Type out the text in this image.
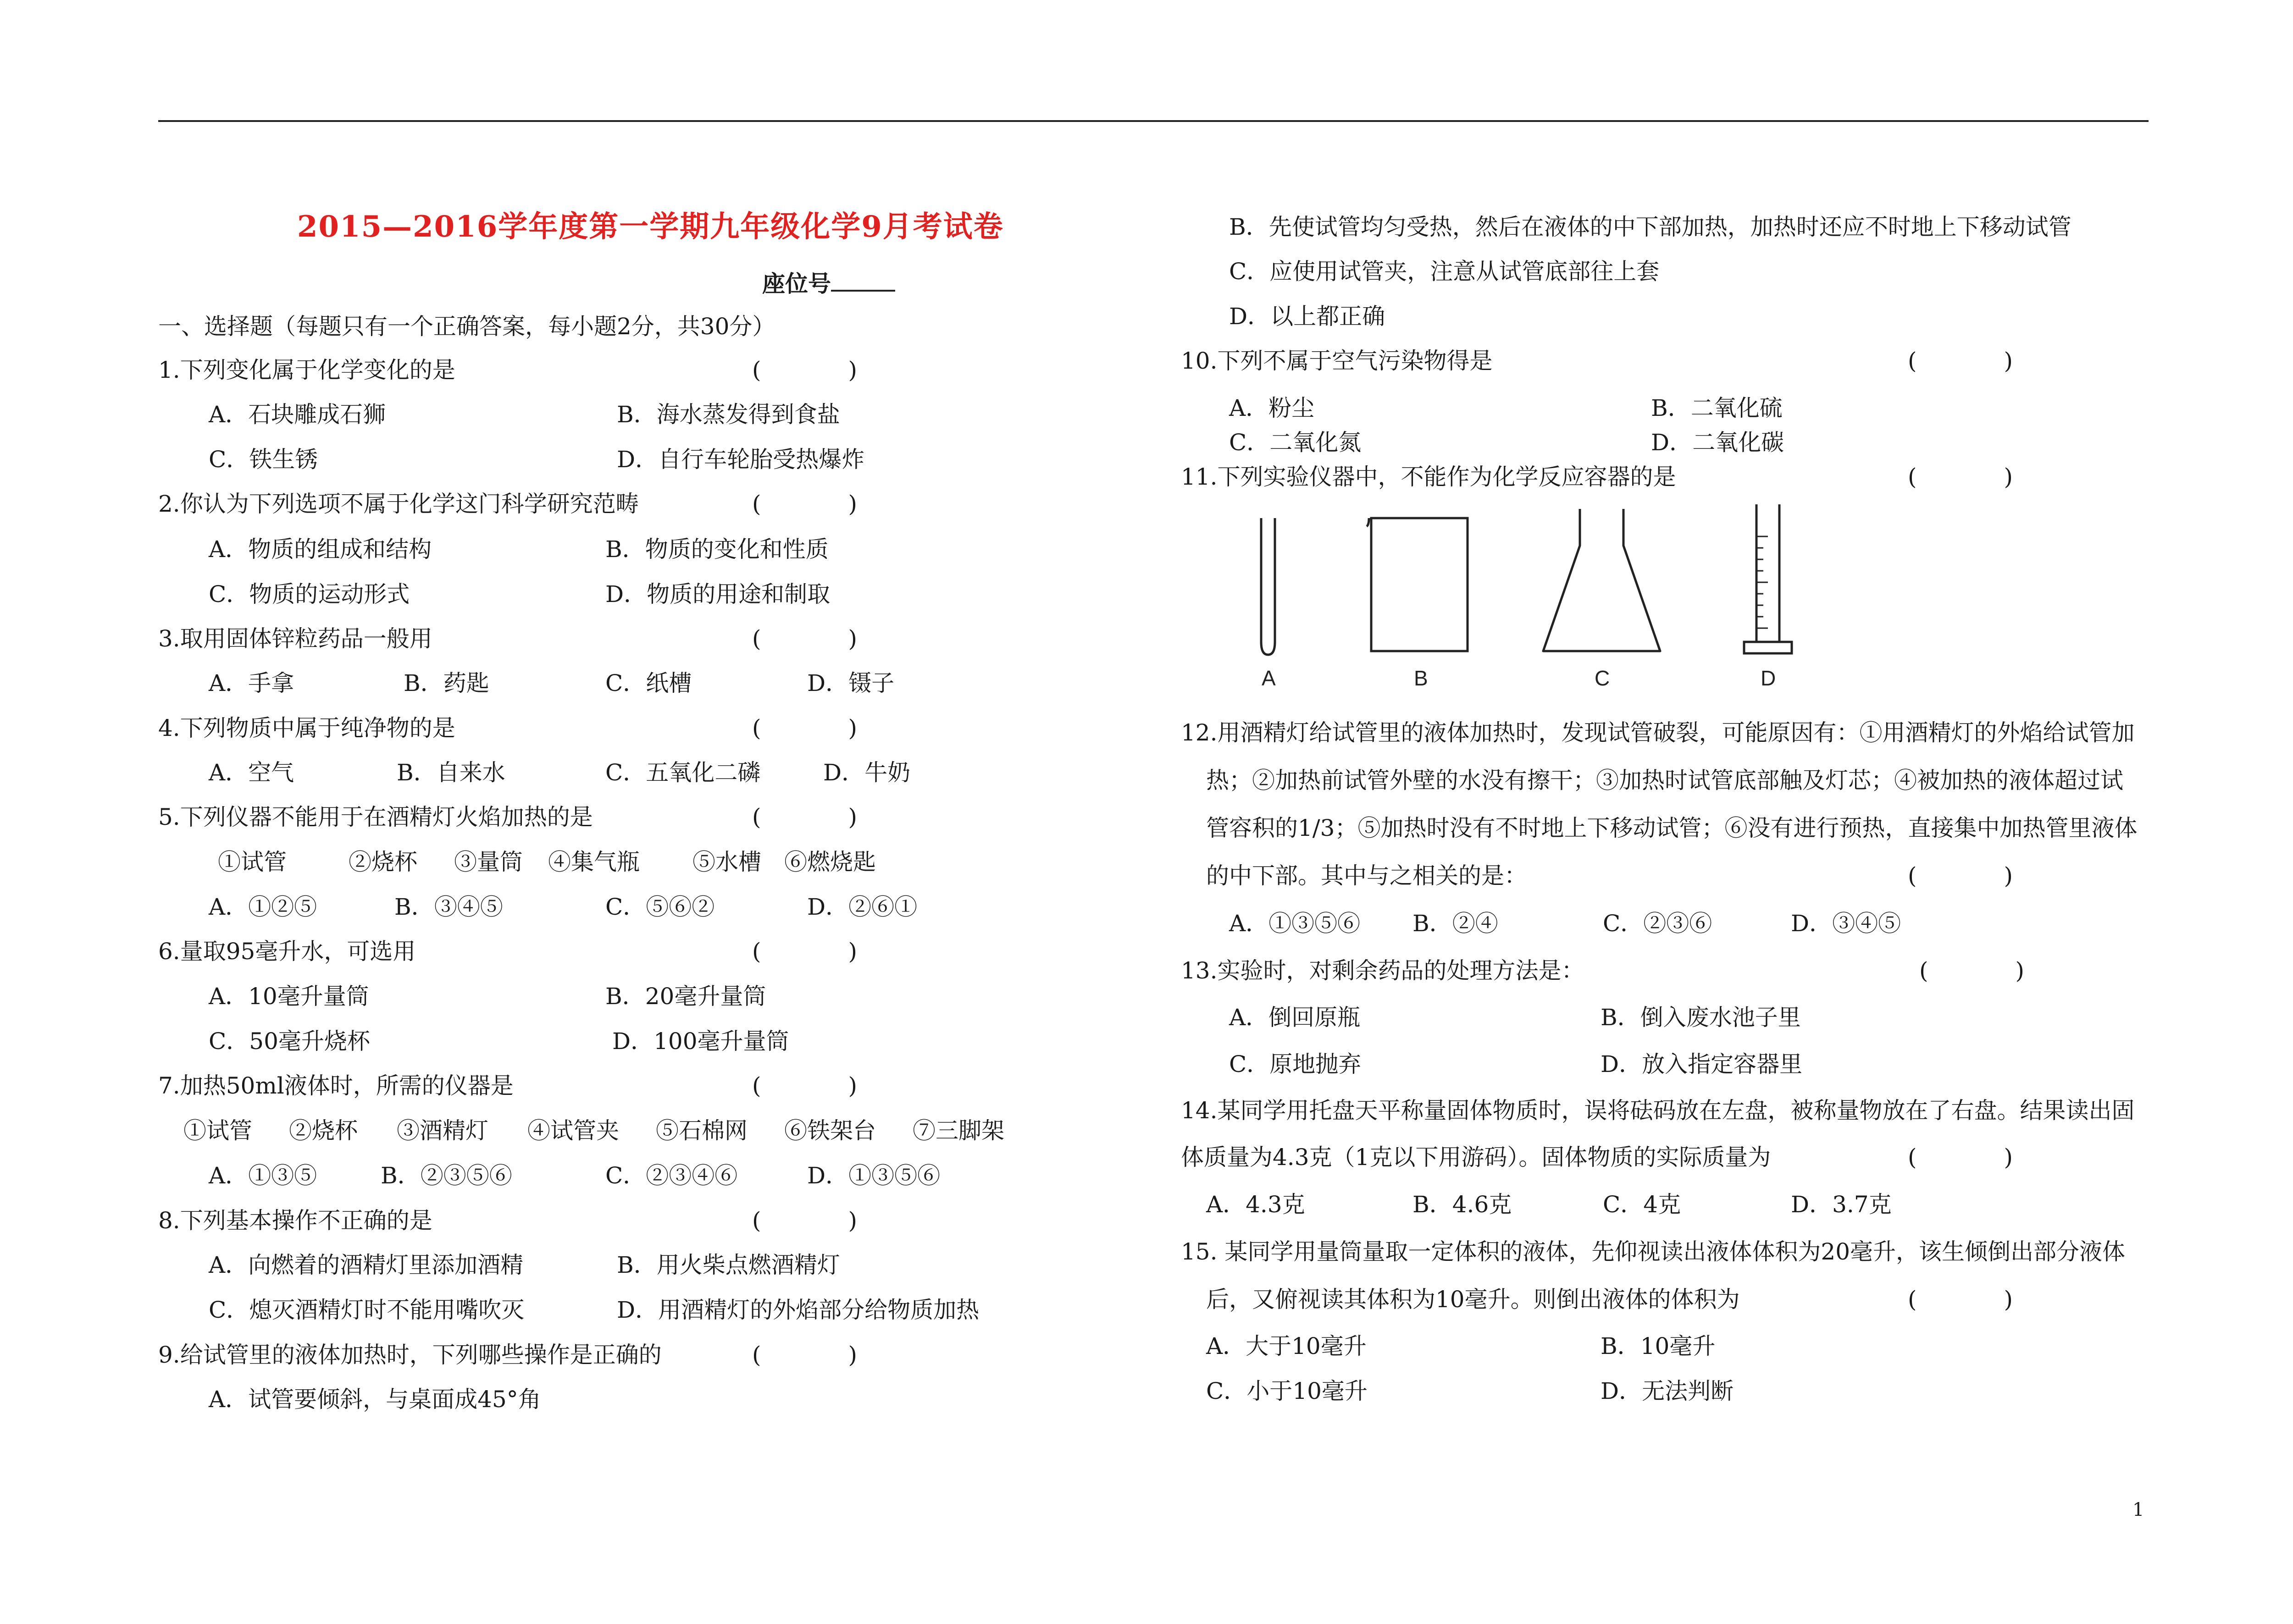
2015—2016学年度第一学期九年级化学9月考试卷
座位号
一、选择题（每题只有一个正确答案，每小题2分，共30分）
1.下列变化属于化学变化的是	(　　)
A．石块雕成石狮	B．海水蒸发得到食盐
C．铁生锈	D．自行车轮胎受热爆炸
2.你认为下列选项不属于化学这门科学研究范畴	(　　)
A．物质的组成和结构	B．物质的变化和性质
C．物质的运动形式	D．物质的用途和制取
3.取用固体锌粒药品一般用	(　　)
A．手拿	B．药匙	C．纸槽	D．镊子
4.下列物质中属于纯净物的是	(　　)
A．空气	B．自来水	C．五氧化二磷	D．牛奶
5.下列仪器不能用于在酒精灯火焰加热的是	(　　)
①试管	②烧杯 ③量筒 ④集气瓶 ⑤水槽 ⑥燃烧匙
A．①②⑤	B．③④⑤	C．⑤⑥②	D．②⑥①
6.量取95毫升水，可选用	(　　)
A．10毫升量筒	B．20毫升量筒
C．50毫升烧杯	D．100毫升量筒
7.加热50ml液体时，所需的仪器是	(　　)
①试管 ②烧杯 ③酒精灯 ④试管夹 ⑤石棉网 ⑥铁架台 ⑦三脚架
A．①③⑤	B．②③⑤⑥	C．②③④⑥	D．①③⑤⑥
8.下列基本操作不正确的是	(　　)
A．向燃着的酒精灯里添加酒精	B．用火柴点燃酒精灯
C．熄灭酒精灯时不能用嘴吹灭	D．用酒精灯的外焰部分给物质加热
9.给试管里的液体加热时，下列哪些操作是正确的	(　　)
A．试管要倾斜，与桌面成45°角
B．先使试管均匀受热，然后在液体的中下部加热，加热时还应不时地上下移动试管
C．应使用试管夹，注意从试管底部往上套
D．以上都正确
10.下列不属于空气污染物得是	(　　)
A．粉尘	B．二氧化硫
C．二氧化氮	D．二氧化碳
11.下列实验仪器中，不能作为化学反应容器的是	(　　)
A	B	C	D
12.用酒精灯给试管里的液体加热时，发现试管破裂，可能原因有：①用酒精灯的外焰给试管加
热；②加热前试管外壁的水没有擦干；③加热时试管底部触及灯芯；④被加热的液体超过试
管容积的1/3；⑤加热时没有不时地上下移动试管；⑥没有进行预热，直接集中加热管里液体
的中下部。其中与之相关的是：	(　　)
A．①③⑤⑥ B．②④	C．②③⑥	D．③④⑤
13.实验时，对剩余药品的处理方法是：	(　　)
A．倒回原瓶	B．倒入废水池子里
C．原地抛弃	D．放入指定容器里
14.某同学用托盘天平称量固体物质时，误将砝码放在左盘，被称量物放在了右盘。结果读出固
体质量为4.3克（1克以下用游码）。固体物质的实际质量为	(　　)
A．4.3克	B．4.6克	C．4克	D．3.7克
15. 某同学用量筒量取一定体积的液体，先仰视读出液体体积为20毫升，该生倾倒出部分液体
后，又俯视读其体积为10毫升。则倒出液体的体积为	(　　)
A．大于10毫升	B．10毫升
C．小于10毫升	D．无法判断
1
